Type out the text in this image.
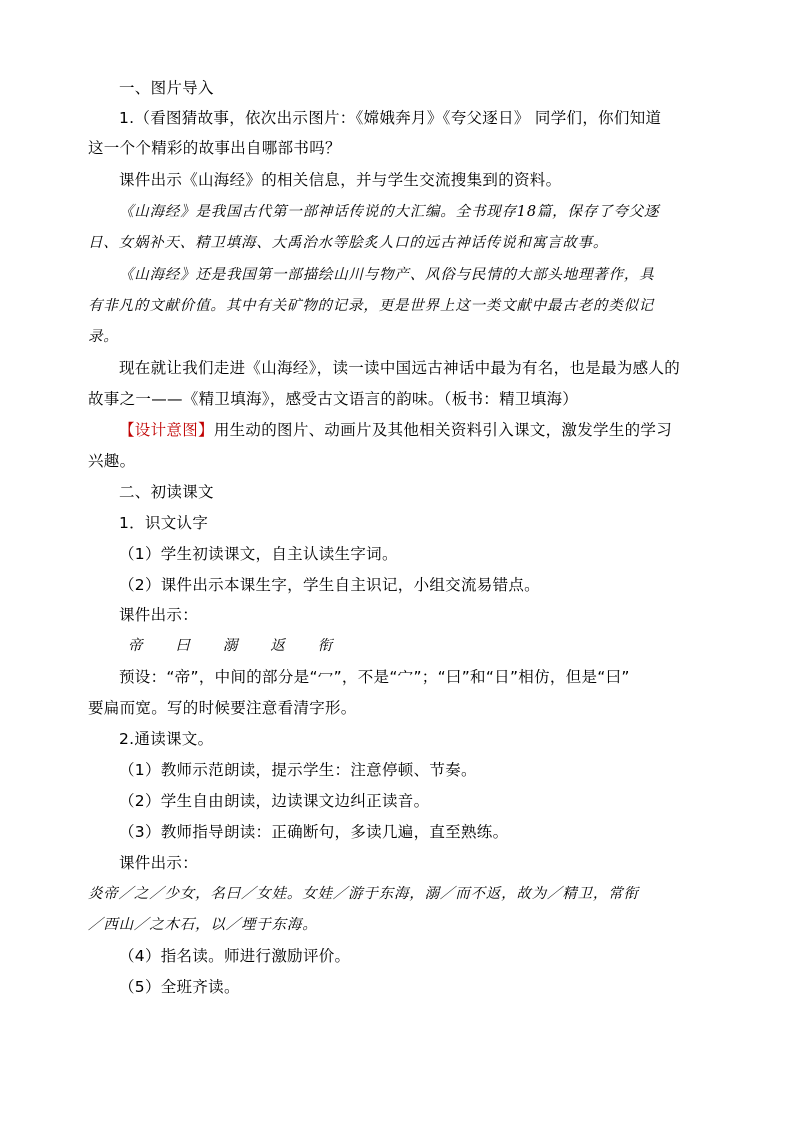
一、图片导入
1.（看图猜故事，依次出示图片：《嫦娥奔月》《夸父逐日》 同学们，你们知道
这一个个精彩的故事出自哪部书吗？
课件出示《山海经》的相关信息，并与学生交流搜集到的资料。
《山海经》是我国古代第一部神话传说的大汇编。全书现存18篇，保存了夸父逐
日、女娲补天、精卫填海、大禹治水等脍炙人口的远古神话传说和寓言故事。
《山海经》还是我国第一部描绘山川与物产、风俗与民情的大部头地理著作，具
有非凡的文献价值。其中有关矿物的记录，更是世界上这一类文献中最古老的类似记
录。
现在就让我们走进《山海经》，读一读中国远古神话中最为有名，也是最为感人的
故事之一——《精卫填海》，感受古文语言的韵味。（板书：精卫填海）
【设计意图】用生动的图片、动画片及其他相关资料引入课文，激发学生的学习
兴趣。
二、初读课文
1．识文认字
（1）学生初读课文，自主认读生字词。
（2）课件出示本课生字，学生自主识记，小组交流易错点。
课件出示：
帝 曰 溺 返 衔
预设：“帝”，中间的部分是“冖”，不是“宀”；“曰”和“日”相仿，但是“曰”
要扁而宽。写的时候要注意看清字形。
2.通读课文。
（1）教师示范朗读，提示学生：注意停顿、节奏。
（2）学生自由朗读，边读课文边纠正读音。
（3）教师指导朗读：正确断句，多读几遍，直至熟练。
课件出示：
炎帝／之／少女，名曰／女娃。女娃／游于东海，溺／而不返，故为／精卫，常衔
／西山／之木石，以／堙于东海。
（4）指名读。师进行激励评价。
（5）全班齐读。
